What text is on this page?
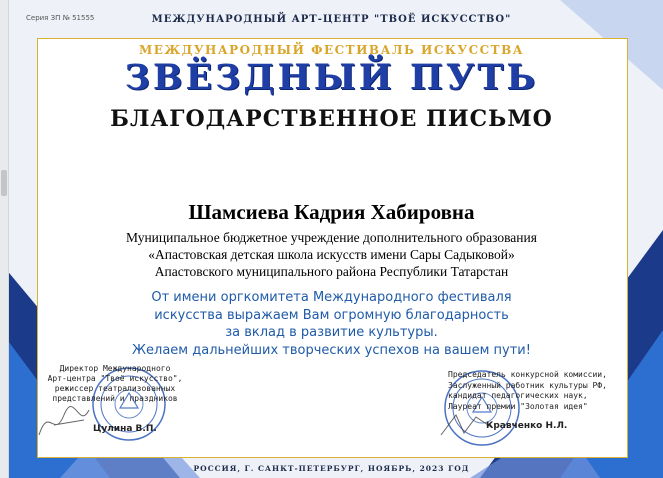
Серия ЗП № 51555	МЕЖДУНАРОДНЫЙ АРТ-ЦЕНТР "ТВОЁ ИСКУССТВО"
МЕЖДУНАРОДНЫЙ ФЕСТИВАЛЬ ИСКУССТВА
ЗВЁЗДНЫЙ ПУТЬ
БЛАГОДАРСТВЕННОЕ ПИСЬМО
Шамсиева Кадрия Хабировна
Муниципальное бюджетное учреждение дополнительного образования
«Апастовская детская школа искусств имени Сары Садыковой»
Апастовского муниципального района Республики Татарстан
От имени оргкомитета Международного фестиваля
искусства выражаем Вам огромную благодарность
за вклад в развитие культуры.
Желаем дальнейших творческих успехов на вашем пути!
Директор Международного
Арт-центра "Твоё искусство",
режиссер театрализованных
представлений и праздников
Цулина В.П.
Председатель конкурсной комиссии,
Заслуженный работник культуры РФ,
кандидат педагогических наук,
Лауреат премии "Золотая идея"
Кравченко Н.Л.
РОССИЯ, Г. САНКТ-ПЕТЕРБУРГ, НОЯБРЬ, 2023 ГОД
